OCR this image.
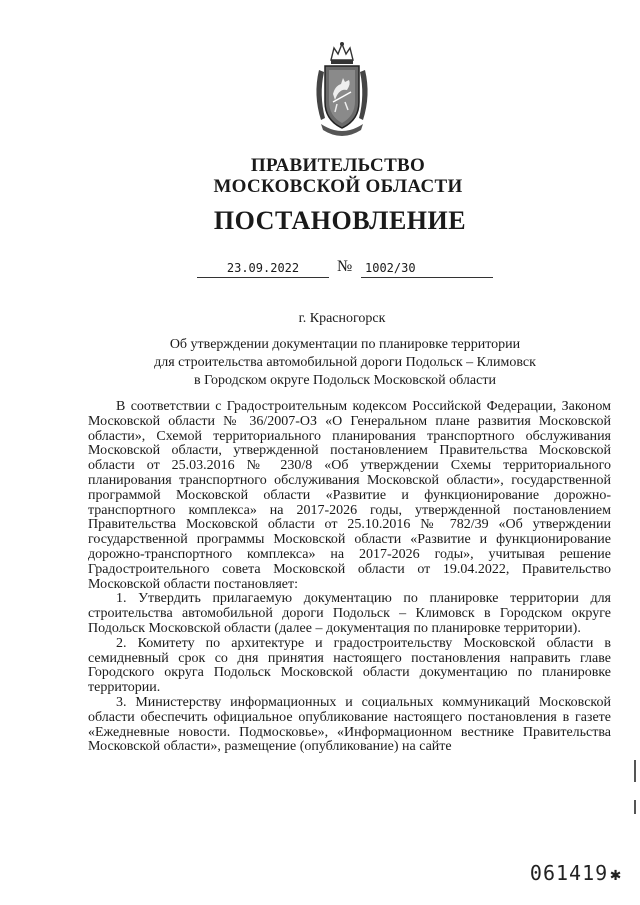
ПРАВИТЕЛЬСТВО
МОСКОВСКОЙ ОБЛАСТИ
ПОСТАНОВЛЕНИЕ
23.09.2022	№	1002/30
г. Красногорск
Об утверждении документации по планировке территории
для строительства автомобильной дороги Подольск – Климовск
в Городском округе Подольск Московской области

В соответствии с Градостроительным кодексом Российской Федерации, Законом Московской области № 36/2007-ОЗ «О Генеральном плане развития Московской области», Схемой территориального планирования транспортного обслуживания Московской области, утвержденной постановлением Правительства Московской области от 25.03.2016 № 230/8 «Об утверждении Схемы территориального планирования транспортного обслуживания Московской области», государственной программой Московской области «Развитие и функционирование дорожно-транспортного комплекса» на 2017-2026 годы, утвержденной постановлением Правительства Московской области от 25.10.2016 № 782/39 «Об утверждении государственной программы Московской области «Развитие и функционирование дорожно-транспортного комплекса» на 2017-2026 годы», учитывая решение Градостроительного совета Московской области от 19.04.2022, Правительство Московской области постановляет:

1. Утвердить прилагаемую документацию по планировке территории для строительства автомобильной дороги Подольск – Климовск в Городском округе Подольск Московской области (далее – документация по планировке территории).

2. Комитету по архитектуре и градостроительству Московской области в семидневный срок со дня принятия настоящего постановления направить главе Городского округа Подольск Московской области документацию по планировке территории.

3. Министерству информационных и социальных коммуникаций Московской области обеспечить официальное опубликование настоящего постановления в газете «Ежедневные новости. Подмосковье», «Информационном вестнике Правительства Московской области», размещение (опубликование) на сайте

061419 ✱
